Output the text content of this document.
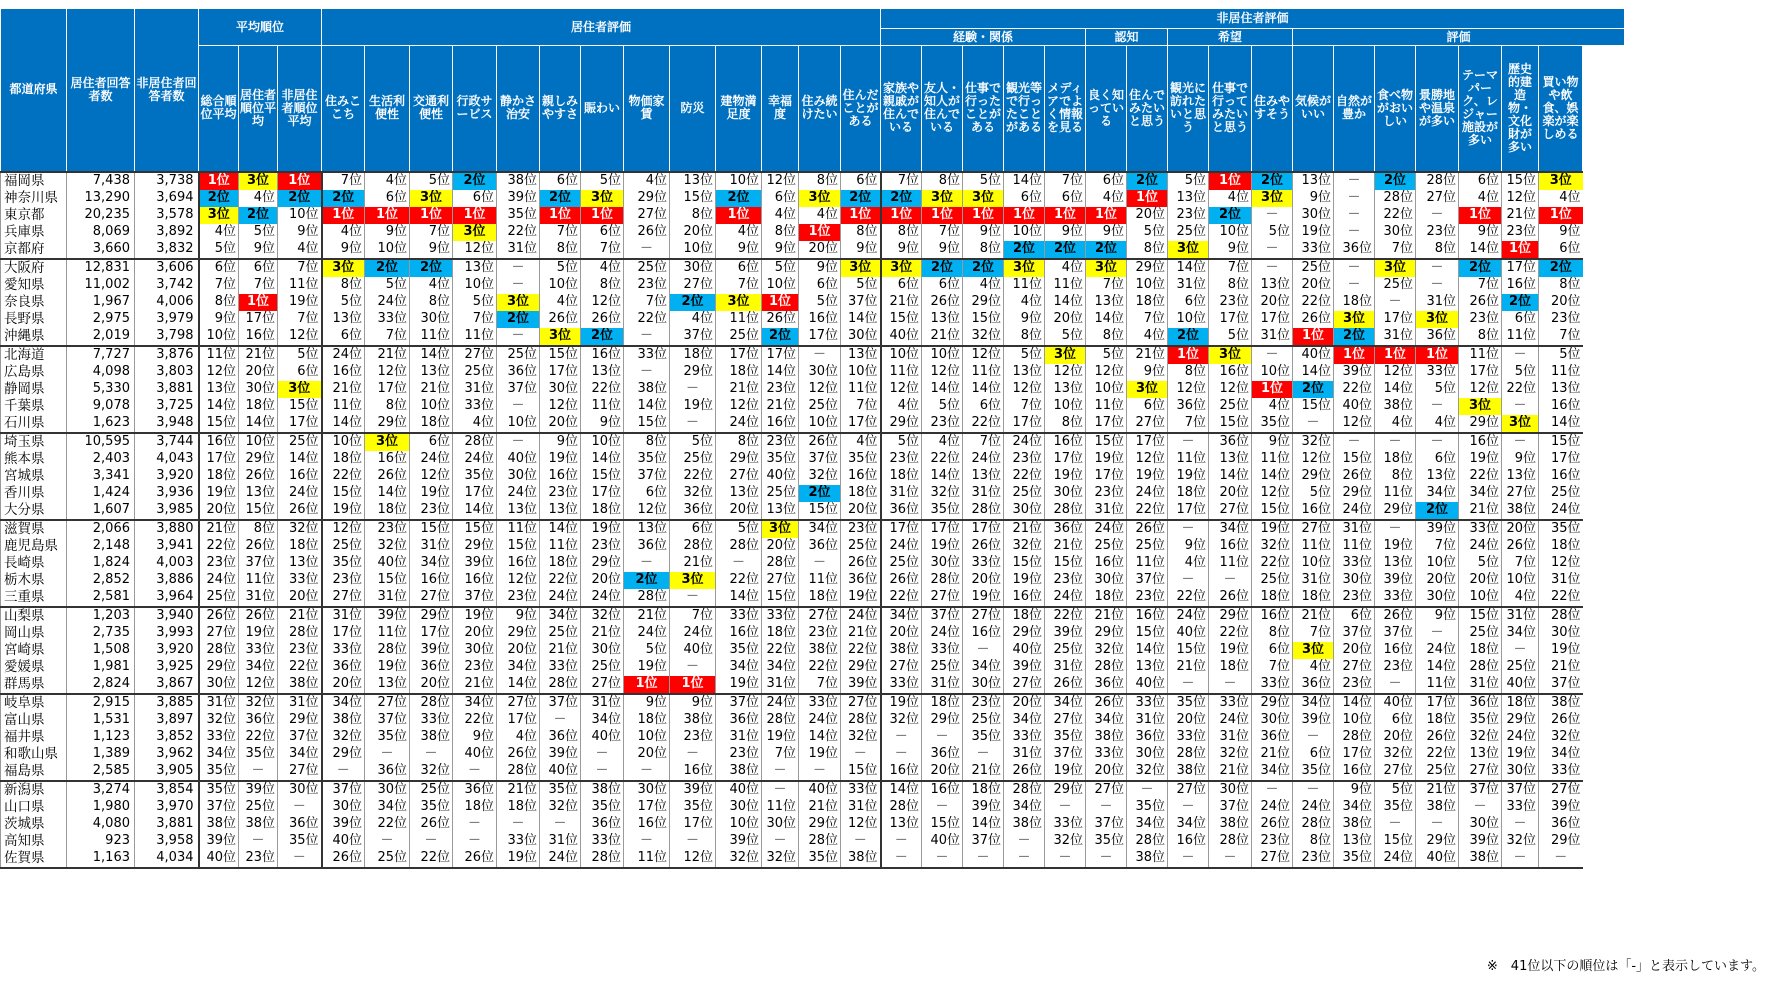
都道府県	居住者回答者数	非居住者回答者数	平均順位			居住者評価													非居住者評価																
																			経験・関係					認知		希望			評価						
			総合順位平均	居住者順位平均	非居住者順位平均	住みここち	生活利便性	交通利便性	行政サービス	静かさ治安	親しみやすさ	賑わい	物価家賃	防災	建物満足度	幸福度	住み続けたい	住んだことがある	家族や親戚が住んでいる	友人・知人が住んでいる	仕事で行ったことがある	観光等で行ったことがある	メディアでよく情報を見る	良く知っている	住んでみたいと思う	観光に訪れたいと思う	仕事で行ってみたいと思う	住みやすそう	気候がいい	自然が豊か	食べ物がおいしい	景勝地や温泉が多い	テーマパーク、レジャー施設が多い	歴史的建造物・文化財が多い	買い物や飲食、娯楽が楽しめる
福岡県	7,438	3,738	1位	3位	1位	7位	4位	5位	2位	38位	6位	5位	4位	13位	10位	12位	8位	6位	7位	8位	5位	14位	7位	6位	2位	5位	1位	2位	13位	－	2位	28位	6位	15位	3位
神奈川県	13,290	3,694	2位	4位	2位	2位	6位	3位	6位	39位	2位	3位	29位	15位	2位	6位	3位	2位	2位	3位	3位	6位	6位	4位	1位	13位	4位	3位	9位	－	28位	27位	4位	12位	4位
東京都	20,235	3,578	3位	2位	10位	1位	1位	1位	1位	35位	1位	1位	27位	8位	1位	4位	4位	1位	1位	1位	1位	1位	1位	1位	20位	23位	2位	－	30位	－	22位	－	1位	21位	1位
兵庫県	8,069	3,892	4位	5位	9位	4位	9位	7位	3位	22位	7位	6位	26位	20位	4位	8位	1位	8位	8位	7位	9位	10位	9位	9位	5位	25位	10位	5位	19位	－	30位	23位	9位	23位	9位
京都府	3,660	3,832	5位	9位	4位	9位	10位	9位	12位	31位	8位	7位	－	10位	9位	9位	20位	9位	9位	9位	8位	2位	2位	2位	8位	3位	9位	－	33位	36位	7位	8位	14位	1位	6位
大阪府	12,831	3,606	6位	6位	7位	3位	2位	2位	13位	－	5位	4位	25位	30位	6位	5位	9位	3位	3位	2位	2位	3位	4位	3位	29位	14位	7位	－	25位	－	3位	－	2位	17位	2位
愛知県	11,002	3,742	7位	7位	11位	8位	5位	4位	10位	－	10位	8位	23位	27位	7位	10位	6位	5位	6位	6位	4位	11位	11位	7位	10位	31位	8位	13位	20位	－	25位	－	7位	16位	8位
奈良県	1,967	4,006	8位	1位	19位	5位	24位	8位	5位	3位	4位	12位	7位	2位	3位	1位	5位	37位	21位	26位	29位	4位	14位	13位	18位	6位	23位	20位	22位	18位	－	31位	26位	2位	20位
長野県	2,975	3,979	9位	17位	7位	13位	33位	30位	7位	2位	26位	26位	22位	4位	11位	26位	16位	14位	15位	13位	15位	9位	20位	14位	7位	10位	17位	17位	26位	3位	17位	3位	23位	6位	23位
沖縄県	2,019	3,798	10位	16位	12位	6位	7位	11位	11位	－	3位	2位	－	37位	25位	2位	17位	30位	40位	21位	32位	8位	5位	8位	4位	2位	5位	31位	1位	2位	31位	36位	8位	11位	7位
北海道	7,727	3,876	11位	21位	5位	24位	21位	14位	27位	25位	15位	16位	33位	18位	17位	17位	－	13位	10位	10位	12位	5位	3位	5位	21位	1位	3位	－	40位	1位	1位	1位	11位	－	5位
広島県	4,098	3,803	12位	20位	6位	16位	12位	13位	25位	36位	17位	13位	－	29位	18位	14位	30位	10位	11位	12位	11位	13位	12位	12位	9位	8位	16位	10位	14位	39位	12位	33位	17位	5位	11位
静岡県	5,330	3,881	13位	30位	3位	21位	17位	21位	31位	37位	30位	22位	38位	－	21位	23位	12位	11位	12位	14位	14位	12位	13位	10位	3位	12位	12位	1位	2位	22位	14位	5位	12位	22位	13位
千葉県	9,078	3,725	14位	18位	15位	11位	8位	10位	33位	－	12位	11位	14位	19位	12位	21位	25位	7位	4位	5位	6位	7位	10位	11位	6位	36位	25位	4位	15位	40位	38位	－	3位	－	16位
石川県	1,623	3,948	15位	14位	17位	14位	29位	18位	4位	10位	20位	9位	15位	－	24位	16位	10位	17位	29位	23位	22位	17位	8位	17位	27位	7位	15位	35位	－	12位	4位	4位	29位	3位	14位
埼玉県	10,595	3,744	16位	10位	25位	10位	3位	6位	28位	－	9位	10位	8位	5位	8位	23位	26位	4位	5位	4位	7位	24位	16位	15位	17位	－	36位	9位	32位	－	－	－	16位	－	15位
熊本県	2,403	4,043	17位	29位	14位	18位	16位	24位	24位	40位	19位	14位	35位	25位	29位	35位	37位	35位	23位	22位	24位	23位	17位	19位	12位	11位	13位	11位	12位	15位	18位	6位	19位	9位	17位
宮城県	3,341	3,920	18位	26位	16位	22位	26位	12位	35位	30位	16位	15位	37位	22位	27位	40位	32位	16位	18位	14位	13位	22位	19位	17位	19位	19位	14位	14位	29位	26位	8位	13位	22位	13位	16位
香川県	1,424	3,936	19位	13位	24位	15位	14位	19位	17位	24位	23位	17位	6位	32位	13位	25位	2位	18位	31位	32位	31位	25位	30位	23位	24位	18位	20位	12位	5位	29位	11位	34位	34位	27位	25位
大分県	1,607	3,985	20位	15位	26位	19位	18位	23位	14位	13位	13位	18位	12位	36位	20位	13位	15位	20位	36位	35位	28位	30位	28位	31位	22位	17位	27位	15位	16位	24位	29位	2位	21位	38位	24位
滋賀県	2,066	3,880	21位	8位	32位	12位	23位	15位	15位	11位	14位	19位	13位	6位	5位	3位	34位	23位	17位	17位	17位	21位	36位	24位	26位	－	34位	19位	27位	31位	－	39位	33位	20位	35位
鹿児島県	2,148	3,941	22位	26位	18位	25位	32位	31位	29位	15位	11位	23位	36位	28位	28位	20位	36位	25位	24位	19位	26位	32位	21位	25位	25位	9位	16位	32位	11位	11位	19位	7位	24位	26位	18位
長崎県	1,824	4,003	23位	37位	13位	35位	40位	34位	39位	16位	18位	29位	－	21位	－	28位	－	26位	25位	30位	33位	15位	15位	16位	11位	4位	11位	22位	10位	33位	13位	10位	5位	7位	12位
栃木県	2,852	3,886	24位	11位	33位	23位	15位	16位	16位	12位	22位	20位	2位	3位	22位	27位	11位	36位	26位	28位	20位	19位	23位	30位	37位	－	－	25位	31位	30位	39位	20位	20位	10位	31位
三重県	2,581	3,964	25位	31位	20位	27位	31位	27位	37位	23位	24位	24位	28位	－	14位	15位	18位	19位	22位	27位	19位	16位	24位	18位	23位	22位	26位	18位	18位	23位	33位	30位	10位	4位	22位
山梨県	1,203	3,940	26位	26位	21位	31位	39位	29位	19位	9位	34位	32位	21位	7位	33位	33位	27位	24位	34位	37位	27位	18位	22位	21位	16位	24位	29位	16位	21位	6位	26位	9位	15位	31位	28位
岡山県	2,735	3,993	27位	19位	28位	17位	11位	17位	20位	29位	25位	21位	24位	24位	16位	18位	23位	21位	20位	24位	16位	29位	39位	29位	15位	40位	22位	8位	7位	37位	37位	－	25位	34位	30位
宮崎県	1,508	3,920	28位	33位	23位	33位	28位	39位	30位	20位	21位	30位	5位	40位	35位	22位	38位	22位	38位	33位	－	40位	25位	32位	14位	15位	19位	6位	3位	20位	16位	24位	18位	－	19位
愛媛県	1,981	3,925	29位	34位	22位	36位	19位	36位	23位	34位	33位	25位	19位	－	34位	34位	22位	29位	27位	25位	34位	39位	31位	28位	13位	21位	18位	7位	4位	27位	23位	14位	28位	25位	21位
群馬県	2,824	3,867	30位	12位	38位	20位	13位	20位	21位	14位	28位	27位	1位	1位	19位	31位	7位	39位	33位	31位	30位	27位	26位	36位	40位	－	－	33位	36位	23位	－	11位	31位	40位	37位
岐阜県	2,915	3,885	31位	32位	31位	34位	27位	28位	34位	27位	37位	31位	9位	9位	37位	24位	33位	27位	19位	18位	23位	20位	34位	26位	33位	35位	33位	29位	34位	14位	40位	17位	36位	18位	38位
富山県	1,531	3,897	32位	36位	29位	38位	37位	33位	22位	17位	－	34位	18位	38位	36位	28位	24位	28位	32位	29位	25位	34位	27位	34位	31位	20位	24位	30位	39位	10位	6位	18位	35位	29位	26位
福井県	1,123	3,852	33位	22位	37位	32位	35位	38位	9位	4位	36位	40位	10位	23位	31位	19位	14位	32位	－	－	35位	33位	35位	38位	36位	33位	31位	36位	－	28位	20位	26位	32位	24位	32位
和歌山県	1,389	3,962	34位	35位	34位	29位	－	－	40位	26位	39位	－	20位	－	23位	7位	19位	－	－	36位	－	31位	37位	33位	30位	28位	32位	21位	6位	17位	32位	22位	13位	19位	34位
福島県	2,585	3,905	35位	－	27位	－	36位	32位	－	28位	40位	－	－	16位	38位	－	－	15位	16位	20位	21位	26位	19位	20位	32位	38位	21位	34位	35位	16位	27位	25位	27位	30位	33位
新潟県	3,274	3,854	35位	39位	30位	37位	30位	25位	36位	21位	35位	38位	30位	39位	40位	－	40位	33位	14位	16位	18位	28位	29位	27位	－	27位	30位	－	－	9位	5位	21位	37位	37位	27位
山口県	1,980	3,970	37位	25位	－	30位	34位	35位	18位	18位	32位	35位	17位	35位	30位	11位	21位	31位	28位	－	39位	34位	－	－	35位	－	37位	24位	24位	34位	35位	38位	－	33位	39位
茨城県	4,080	3,881	38位	38位	36位	39位	22位	26位	－	－	－	36位	16位	17位	10位	30位	29位	12位	13位	15位	14位	38位	33位	37位	34位	34位	38位	26位	28位	38位	－	－	30位	－	36位
高知県	923	3,958	39位	－	35位	40位	－	－	－	33位	31位	33位	－	－	39位	－	28位	－	－	40位	37位	－	32位	35位	28位	16位	28位	23位	8位	13位	15位	29位	39位	32位	29位
佐賀県	1,163	4,034	40位	23位	－	26位	25位	22位	26位	19位	24位	28位	11位	12位	32位	32位	35位	38位	－	－	－	－	－	－	38位	－	－	27位	23位	35位	24位	40位	38位	－	－
※　41位以下の順位は「-」と表示しています。
